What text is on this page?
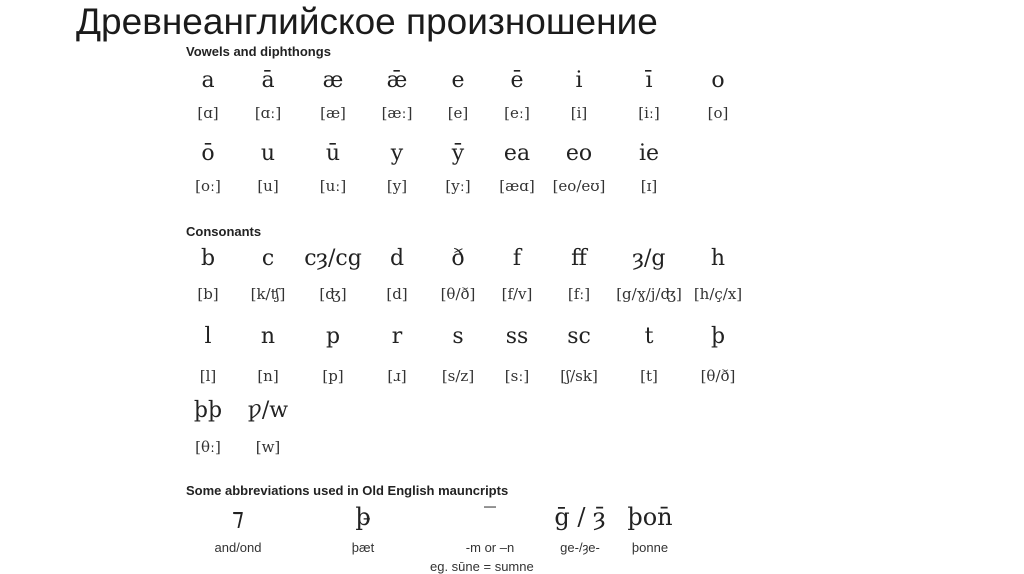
Древнеанглийское произношение
Vowels and diphthongs
a
[ɑ]
ā
[ɑː]
æ
[æ]
ǣ
[æː]
e
[e]
ē
[eː]
i
[i]
ī
[iː]
o
[o]
ō
[oː]
u
[u]
ū
[uː]
y
[y]
ȳ
[yː]
ea
[æɑ]
eo
[eo/eʊ]
ie
[ɪ]
Consonants
b
[b]
c
[k/ʧ]
cȝ/cg
[ʤ]
d
[d]
ð
[θ/ð]
f
[f/v]
ff
[fː]
ȝ/g
[g/ɣ/j/ʤ]
h
[h/ç/x]
l
[l]
n
[n]
p
[p]
r
[ɹ]
s
[s/z]
ss
[sː]
sc
[ʃ/sk]
t
[t]
þ
[θ/ð]
þþ
[θː]
ƿ/w
[w]
Some abbreviations used in Old English mauncripts
⁊
and/ond
þ̵
þæt
‾
-m or –n
ḡ / ȝ̄
ge-/ȝe-
þon̄
þonne
eg. sūne = sumne
